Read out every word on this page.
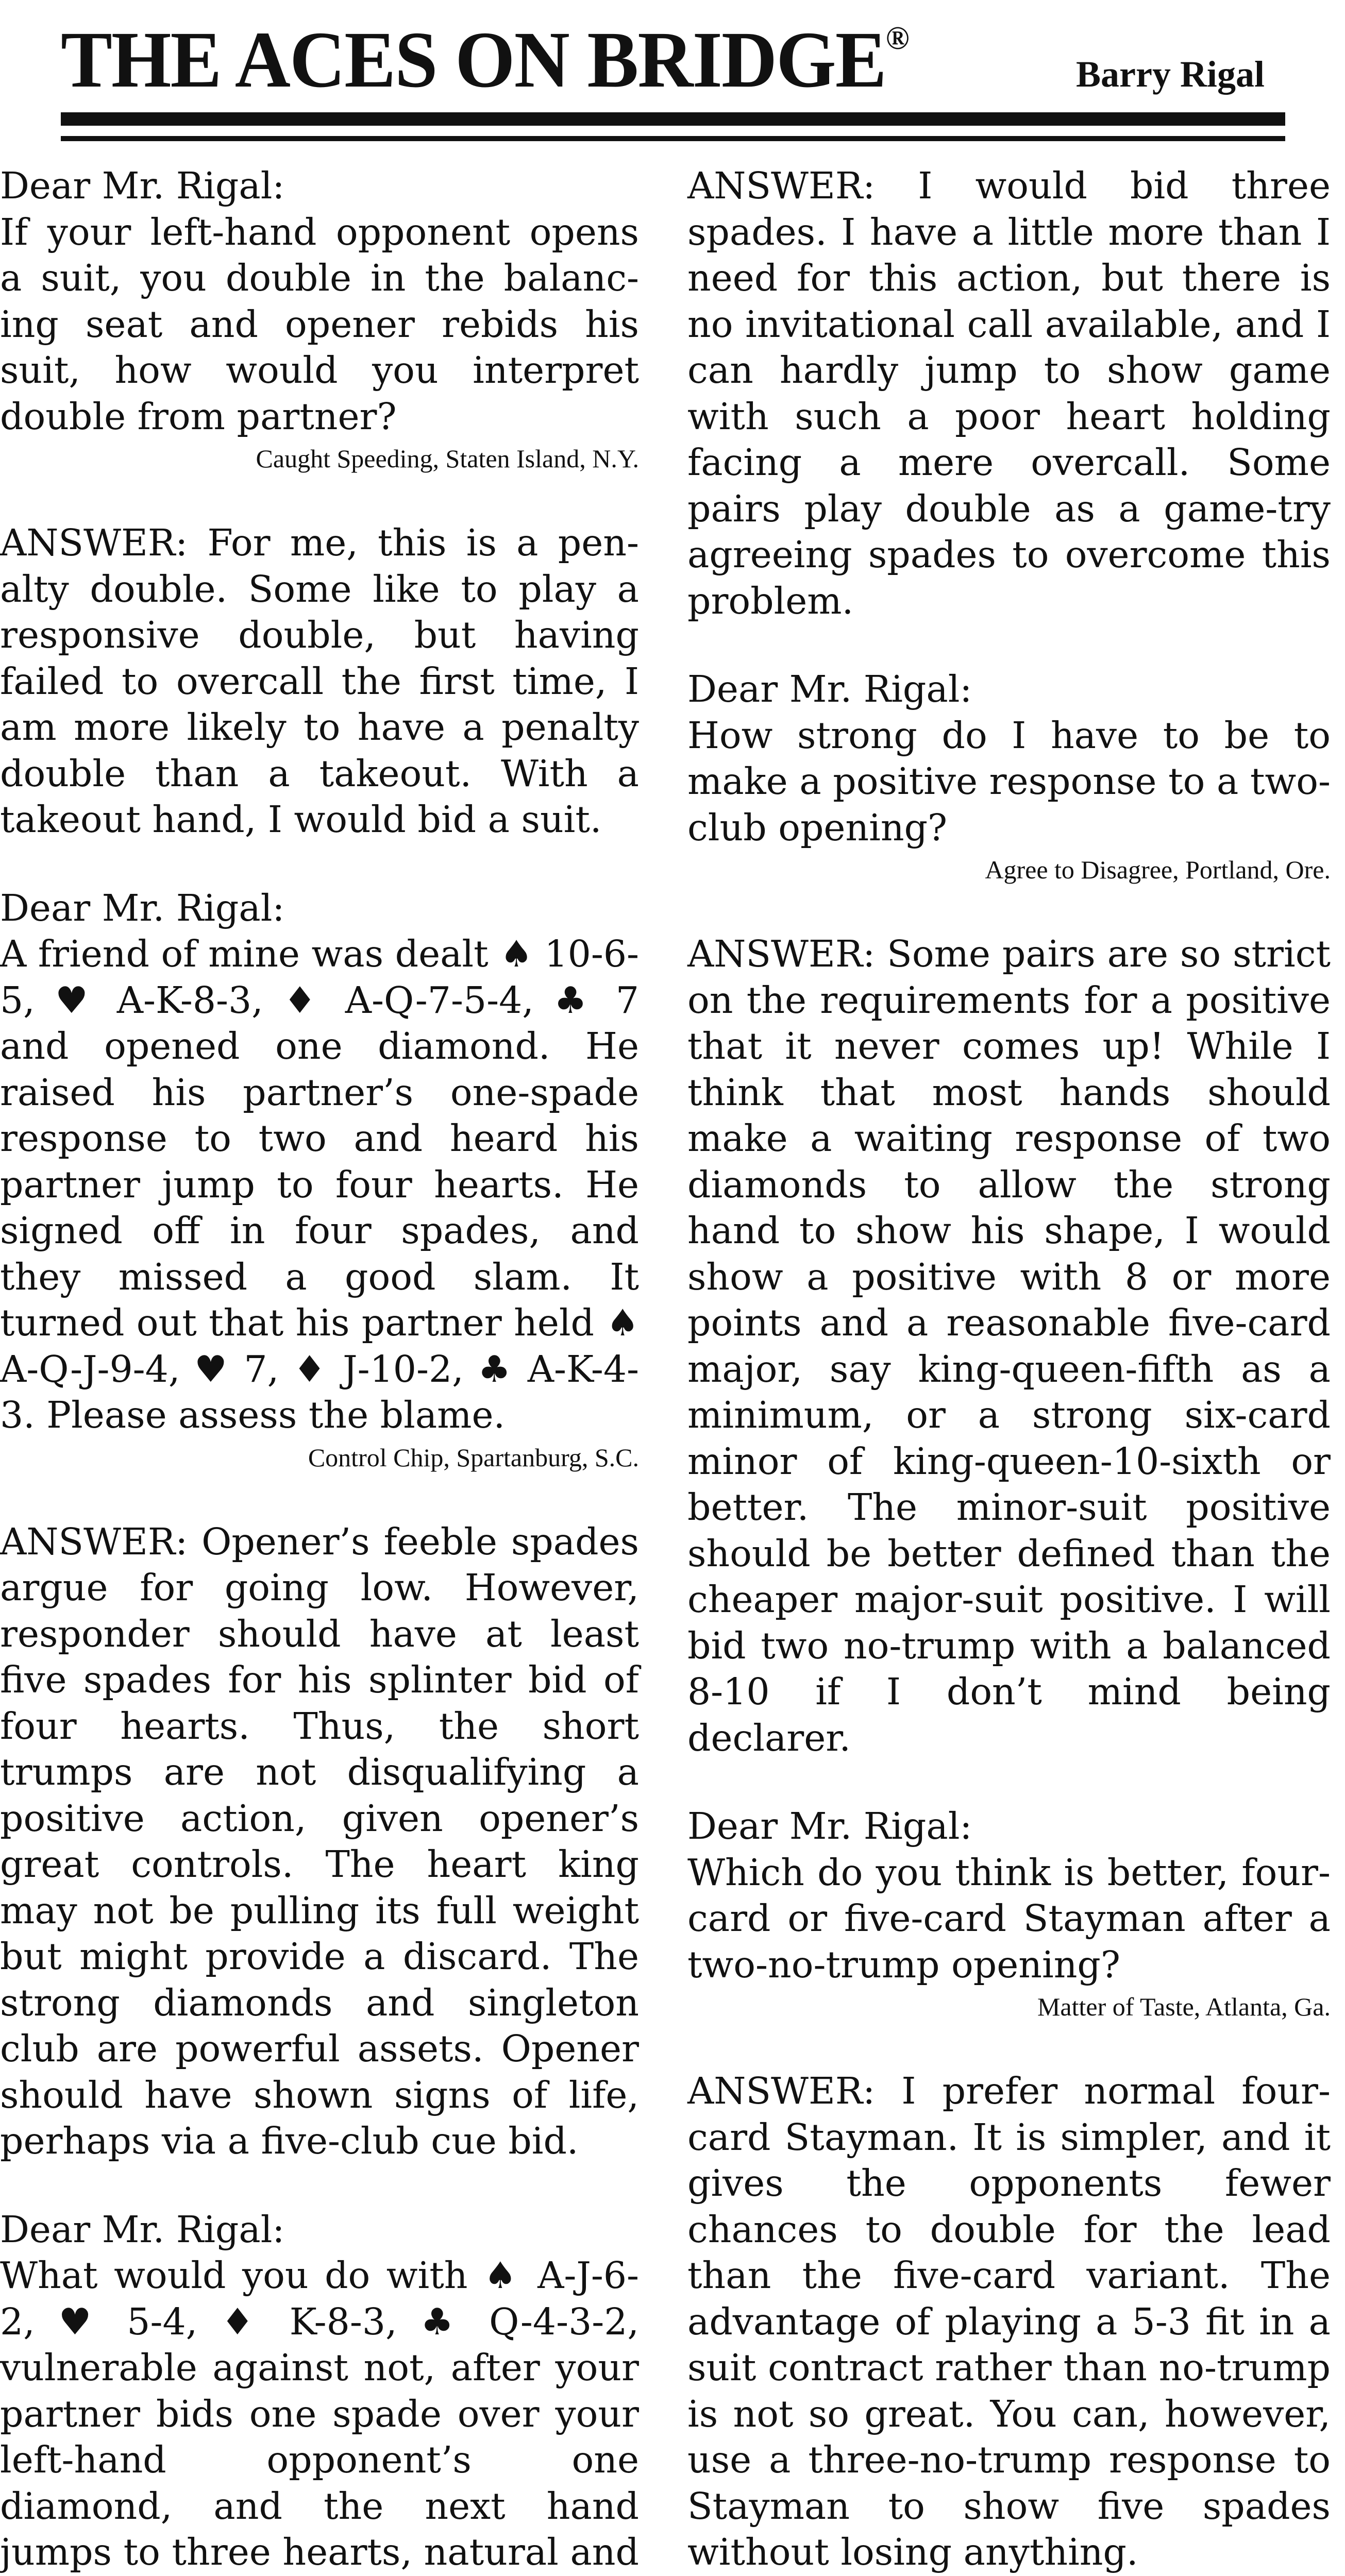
THE ACES ON BRIDGE®
Barry Rigal
Dear Mr. Rigal:
If your left-hand opponent opens a suit, you double in the balancing seat and opener rebids his suit, how would you interpret double from partner?
Caught Speeding, Staten Island, N.Y.
ANSWER: For me, this is a penalty double. Some like to play a responsive double, but having failed to overcall the first time, I am more likely to have a penalty double than a takeout. With a takeout hand, I would bid a suit.
Dear Mr. Rigal:
A friend of mine was dealt ♠ 10-6-5, ♥ A-K-8-3, ♦ A-Q-7-5-4, ♣ 7 and opened one diamond. He raised his partner’s one-spade response to two and heard his partner jump to four hearts. He signed off in four spades, and they missed a good slam. It turned out that his partner held ♠ A-Q-J-9-4, ♥ 7, ♦ J-10-2, ♣ A-K-4-3. Please assess the blame.
Control Chip, Spartanburg, S.C.
ANSWER: Opener’s feeble spades argue for going low. However, responder should have at least five spades for his splinter bid of four hearts. Thus, the short trumps are not disqualifying a positive action, given opener’s great controls. The heart king may not be pulling its full weight but might provide a discard. The strong diamonds and singleton club are powerful assets. Opener should have shown signs of life, perhaps via a five-club cue bid.
Dear Mr. Rigal:
What would you do with ♠ A-J-6-2, ♥ 5-4, ♦ K-8-3, ♣ Q-4-3-2, vulnerable against not, after your partner bids one spade over your left-hand opponent’s one diamond, and the next hand jumps to three hearts, natural and
ANSWER: I would bid three spades. I have a little more than I need for this action, but there is no invitational call available, and I can hardly jump to show game with such a poor heart holding facing a mere overcall. Some pairs play double as a game-try agreeing spades to overcome this problem.
Dear Mr. Rigal:
How strong do I have to be to make a positive response to a two-club opening?
Agree to Disagree, Portland, Ore.
ANSWER: Some pairs are so strict on the requirements for a positive that it never comes up! While I think that most hands should make a waiting response of two diamonds to allow the strong hand to show his shape, I would show a positive with 8 or more points and a reasonable five-card major, say king-queen-fifth as a minimum, or a strong six-card minor of king-queen-10-sixth or better. The minor-suit positive should be better defined than the cheaper major-suit positive. I will bid two no-trump with a balanced 8-10 if I don’t mind being declarer.
Dear Mr. Rigal:
Which do you think is better, four-card or five-card Stayman after a two-no-trump opening?
Matter of Taste, Atlanta, Ga.
ANSWER: I prefer normal four-card Stayman. It is simpler, and it gives the opponents fewer chances to double for the lead than the five-card variant. The advantage of playing a 5-3 fit in a suit contract rather than no-trump is not so great. You can, however, use a three-no-trump response to Stayman to show five spades without losing anything.
